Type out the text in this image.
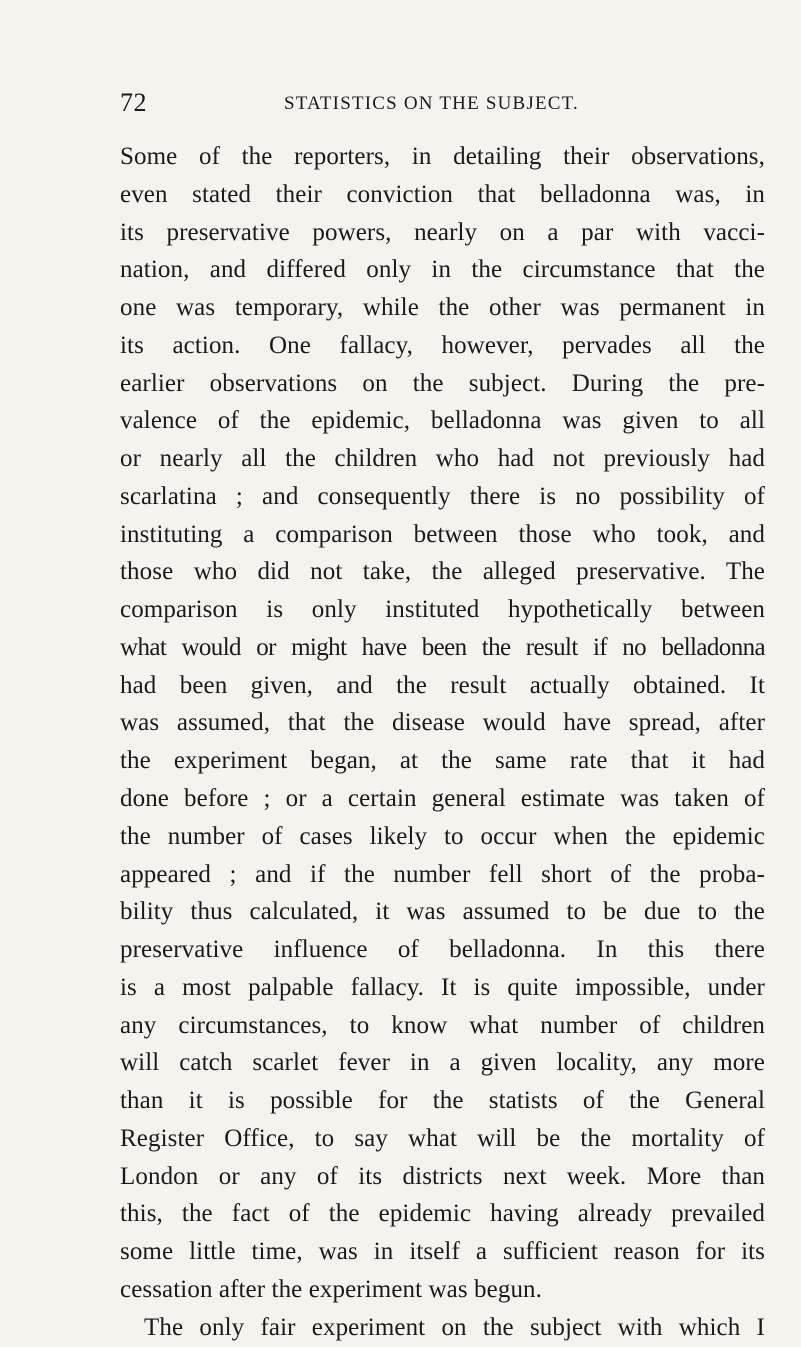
72	STATISTICS ON THE SUBJECT.
Some of the reporters, in detailing their observations,
even stated their conviction that belladonna was, in
its preservative powers, nearly on a par with vacci-
nation, and differed only in the circumstance that the
one was temporary, while the other was permanent in
its action. One fallacy, however, pervades all the
earlier observations on the subject. During the pre-
valence of the epidemic, belladonna was given to all
or nearly all the children who had not previously had
scarlatina ; and consequently there is no possibility of
instituting a comparison between those who took, and
those who did not take, the alleged preservative. The
comparison is only instituted hypothetically between
what would or might have been the result if no belladonna
had been given, and the result actually obtained. It
was assumed, that the disease would have spread, after
the experiment began, at the same rate that it had
done before ; or a certain general estimate was taken of
the number of cases likely to occur when the epidemic
appeared ; and if the number fell short of the proba-
bility thus calculated, it was assumed to be due to the
preservative influence of belladonna. In this there
is a most palpable fallacy. It is quite impossible, under
any circumstances, to know what number of children
will catch scarlet fever in a given locality, any more
than it is possible for the statists of the General
Register Office, to say what will be the mortality of
London or any of its districts next week. More than
this, the fact of the epidemic having already prevailed
some little time, was in itself a sufficient reason for its
cessation after the experiment was begun.
The only fair experiment on the subject with which I
